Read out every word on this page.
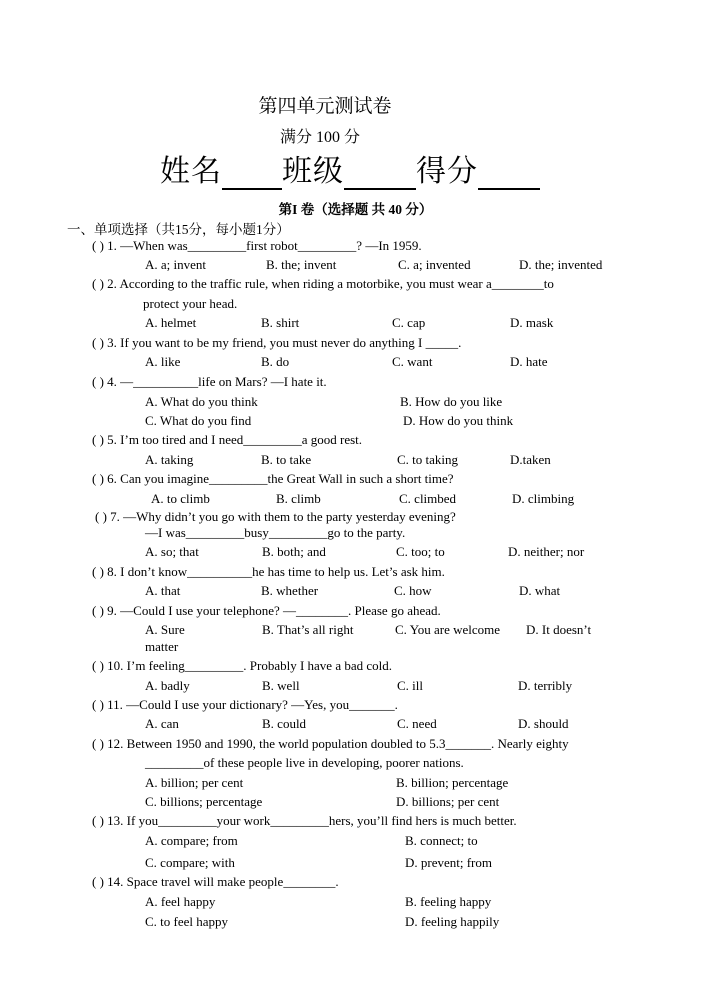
第四单元测试卷
满分 100 分
姓名 班级 得分
第I 卷（选择题 共 40 分）
一、单项选择（共15分，每小题1分）
( ) 1. —When was_________first robot_________? —In 1959.
A. a; invent	B. the; invent	C. a; invented	D. the; invented
( ) 2. According to the traffic rule, when riding a motorbike, you must wear a________to
protect your head.
A. helmet	B. shirt	C. cap	D. mask
( ) 3. If you want to be my friend, you must never do anything I _____.
A. like	B. do	C. want	D. hate
( ) 4. —__________life on Mars? —I hate it.
A. What do you think	B. How do you like
C. What do you find	D. How do you think
( ) 5. I’m too tired and I need_________a good rest.
A. taking	B. to take	C. to taking	D.taken
( ) 6. Can you imagine_________the Great Wall in such a short time?
A. to climb	B. climb	C. climbed	D. climbing
( ) 7. —Why didn’t you go with them to the party yesterday evening?
—I was_________busy_________go to the party.
A. so; that	B. both; and	C. too; to	D. neither; nor
( ) 8. I don’t know__________he has time to help us. Let’s ask him.
A. that	B. whether	C. how	D. what
( ) 9. —Could I use your telephone? —________. Please go ahead.
A. Sure	B. That’s all right	C. You are welcome D. It doesn’t
matter
( ) 10. I’m feeling_________. Probably I have a bad cold.
A. badly	B. well	C. ill	D. terribly
( ) 11. —Could I use your dictionary? —Yes, you_______.
A. can	B. could	C. need	D. should
( ) 12. Between 1950 and 1990, the world population doubled to 5.3_______. Nearly eighty
_________of these people live in developing, poorer nations.
A. billion; per cent	B. billion; percentage
C. billions; percentage	D. billions; per cent
( ) 13. If you_________your work_________hers, you’ll find hers is much better.
A. compare; from	B. connect; to
C. compare; with	D. prevent; from
( ) 14. Space travel will make people________.
A. feel happy	B. feeling happy
C. to feel happy	D. feeling happily
